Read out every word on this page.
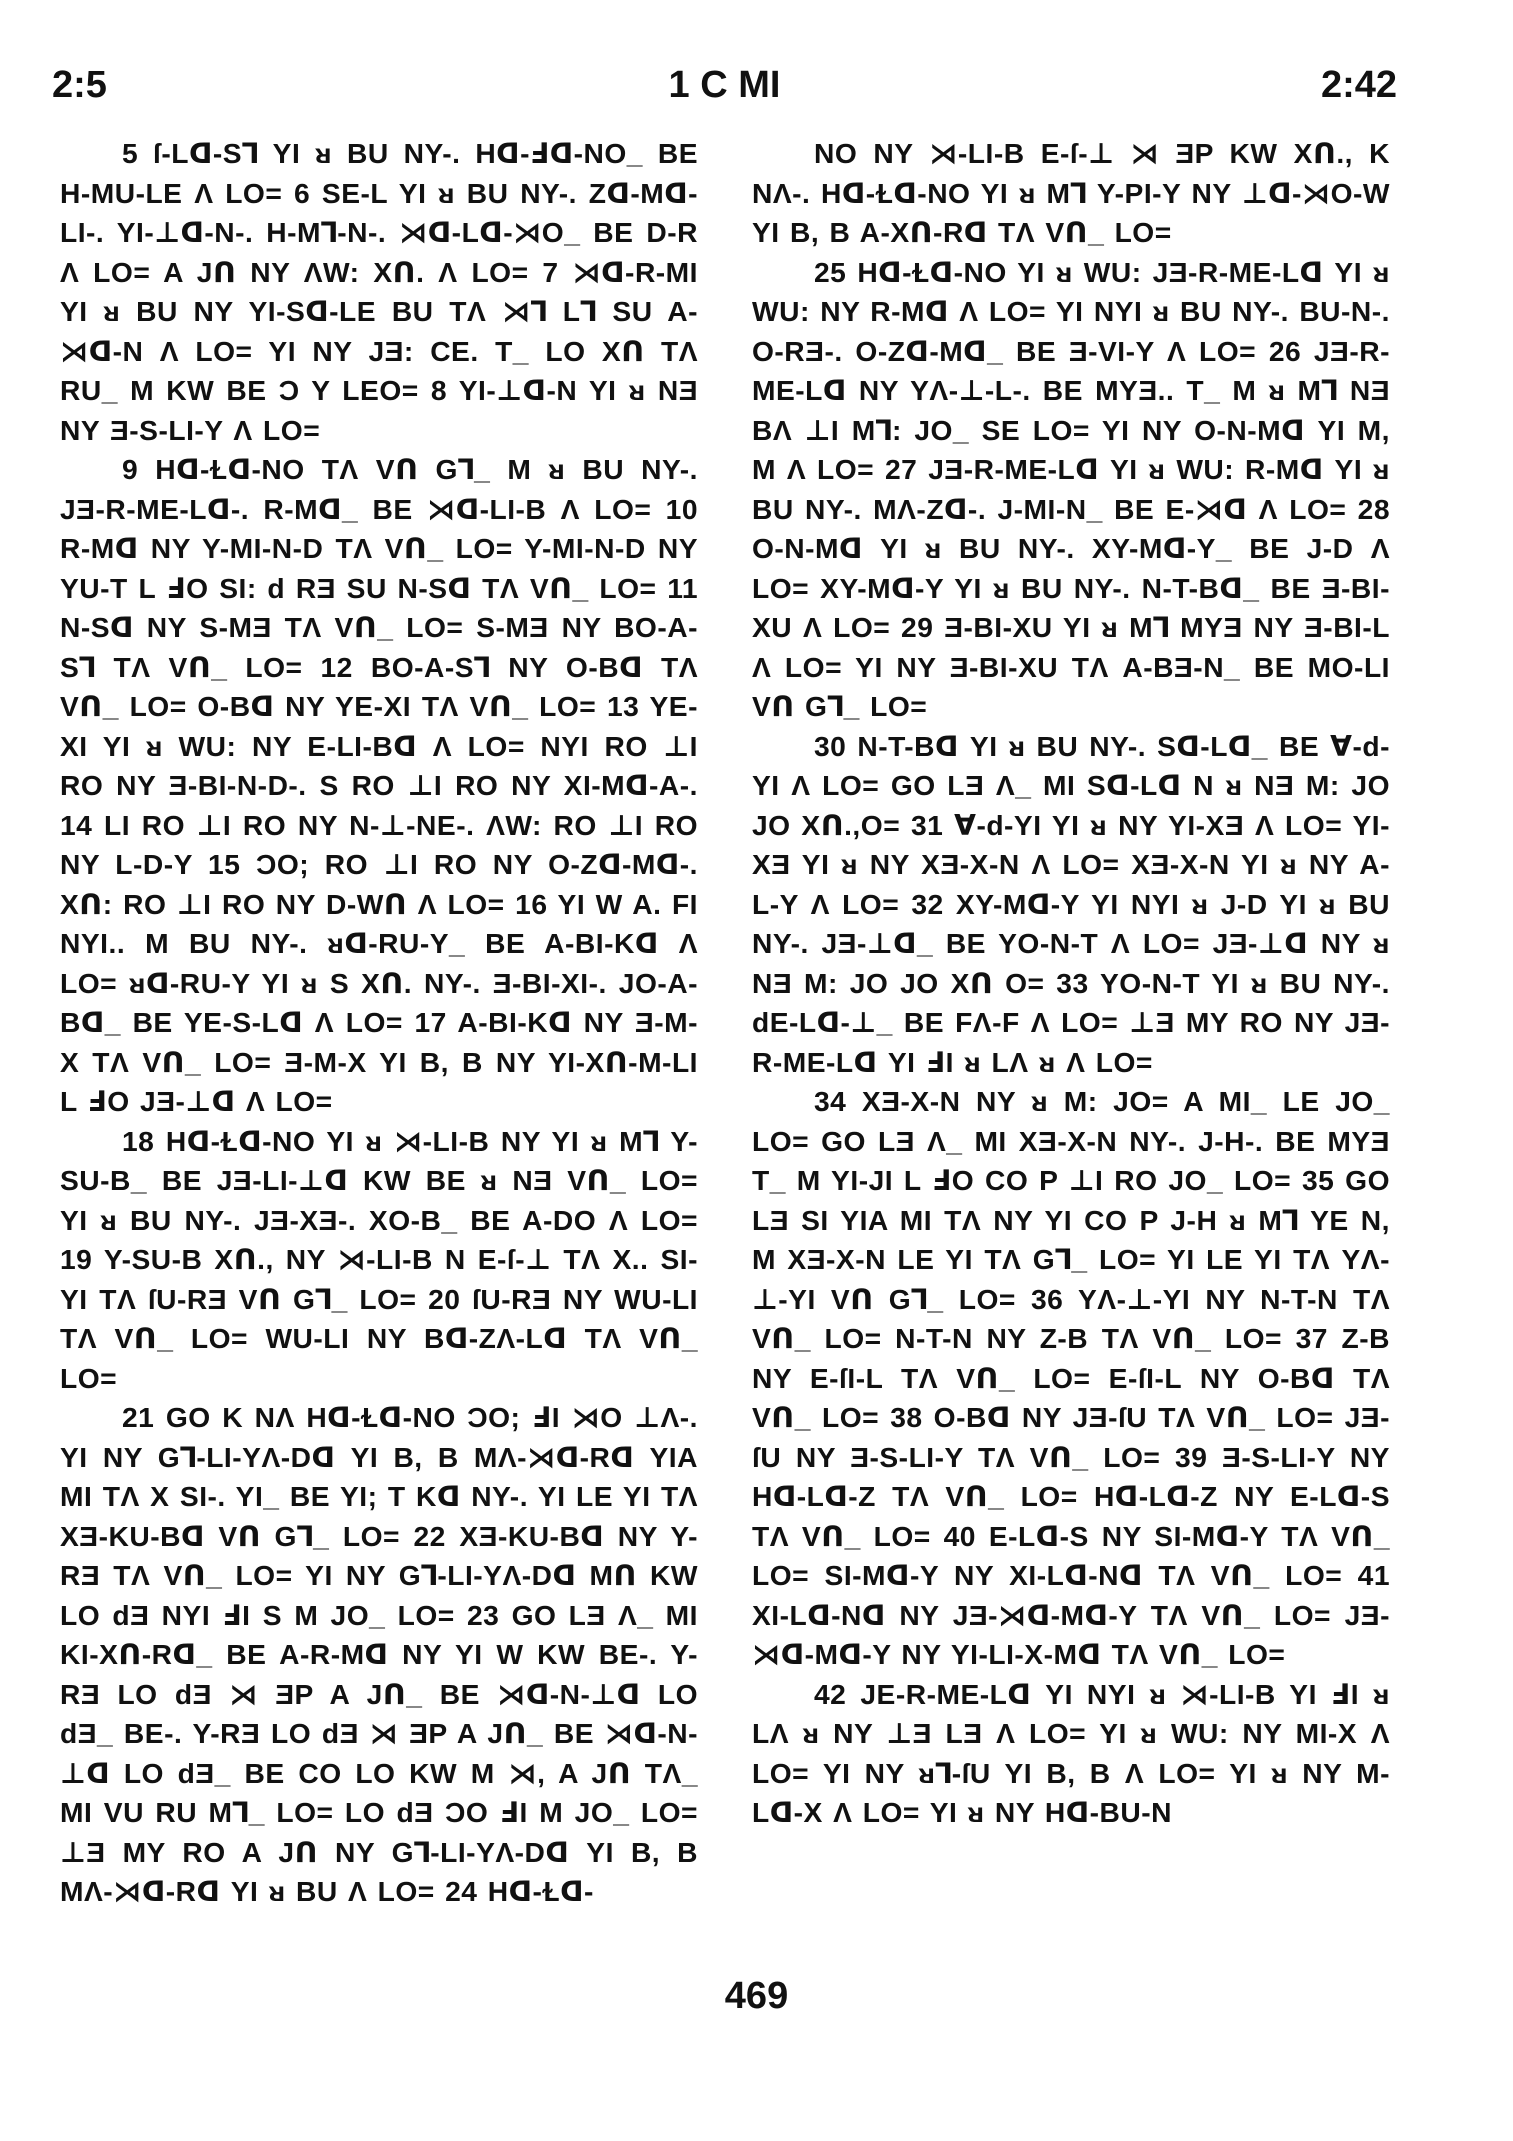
2:5	1 C MI	2:42

5 ſ-Lᗡ-S⅂ YI ᴚ BU NY-. Hᗡ-Ⅎᗡ-NO_ BE H-MU-LE Λ LO= 6 SE-L YI ᴚ BU NY-. Zᗡ-Mᗡ-LI-. YI-⊥ᗡ-N-. H-M⅂-N-. ⋊ᗡ-Lᗡ-⋊O_ BE D-R Λ LO= A Jᑎ NY ΛW: Xᑎ. Λ LO= 7 ⋊ᗡ-R-MI YI ᴚ BU NY YI-Sᗡ-LE BU TΛ ⋊⅂ L⅂ SU A-⋊ᗡ-N Λ LO= YI NY JƎ: CE. T_ LO Xᑎ TΛ RU_ M KW BE Ɔ Y LEO= 8 YI-⊥ᗡ-N YI ᴚ NƎ NY Ǝ-S-LI-Y Λ LO=

9 Hᗡ-Ɫᗡ-NO TΛ Vᑎ G⅂_ M ᴚ BU NY-. JƎ-R-ME-Lᗡ-. R-Mᗡ_ BE ⋊ᗡ-LI-B Λ LO= 10 R-Mᗡ NY Y-MI-N-D TΛ Vᑎ_ LO= Y-MI-N-D NY YU-T L ℲO SI: d RƎ SU N-Sᗡ TΛ Vᑎ_ LO= 11 N-Sᗡ NY S-MƎ TΛ Vᑎ_ LO= S-MƎ NY BO-A-S⅂ TΛ Vᑎ_ LO= 12 BO-A-S⅂ NY O-Bᗡ TΛ Vᑎ_ LO= O-Bᗡ NY YE-XI TΛ Vᑎ_ LO= 13 YE-XI YI ᴚ WU: NY E-LI-Bᗡ Λ LO= NYI RO ⊥I RO NY Ǝ-BI-N-D-. S RO ⊥I RO NY XI-Mᗡ-A-. 14 LI RO ⊥I RO NY N-⊥-NE-. ΛW: RO ⊥I RO NY L-D-Y 15 ƆO; RO ⊥I RO NY O-Zᗡ-Mᗡ-. Xᑎ: RO ⊥I RO NY D-Wᑎ Λ LO= 16 YI W A. FI NYI.. M BU NY-. ᴚᗡ-RU-Y_ BE A-BI-Kᗡ Λ LO= ᴚᗡ-RU-Y YI ᴚ S Xᑎ. NY-. Ǝ-BI-XI-. JO-A-Bᗡ_ BE YE-S-Lᗡ Λ LO= 17 A-BI-Kᗡ NY Ǝ-M-X TΛ Vᑎ_ LO= Ǝ-M-X YI B, B NY YI-Xᑎ-M-LI L ℲO JƎ-⊥ᗡ Λ LO=

18 Hᗡ-Ɫᗡ-NO YI ᴚ ⋊-LI-B NY YI ᴚ M⅂ Y-SU-B_ BE JƎ-LI-⊥ᗡ KW BE ᴚ NƎ Vᑎ_ LO= YI ᴚ BU NY-. JƎ-XƎ-. XO-B_ BE A-DO Λ LO= 19 Y-SU-B Xᑎ., NY ⋊-LI-B N E-ſ-⊥ TΛ X.. SI- YI TΛ ſU-RƎ Vᑎ G⅂_ LO= 20 ſU-RƎ NY WU-LI TΛ Vᑎ_ LO= WU-LI NY Bᗡ-ZΛ-Lᗡ TΛ Vᑎ_ LO=

21 GO K NΛ Hᗡ-Ɫᗡ-NO ƆO; ℲI ⋊O ⊥Λ-. YI NY G⅂-LI-YΛ-Dᗡ YI B, B MΛ-⋊ᗡ-Rᗡ YIA MI TΛ X SI-. YI_ BE YI; T Kᗡ NY-. YI LE YI TΛ XƎ-KU-Bᗡ Vᑎ G⅂_ LO= 22 XƎ-KU-Bᗡ NY Y-RƎ TΛ Vᑎ_ LO= YI NY G⅂-LI-YΛ-Dᗡ Mᑎ KW LO dƎ NYI ℲI S M JO_ LO= 23 GO LƎ Λ_ MI KI-Xᑎ-Rᗡ_ BE A-R-Mᗡ NY YI W KW BE-. Y-RƎ LO dƎ ⋊ ƎP A Jᑎ_ BE ⋊ᗡ-N-⊥ᗡ LO dƎ_ BE-. Y-RƎ LO dƎ ⋊ ƎP A Jᑎ_ BE ⋊ᗡ-N-⊥ᗡ LO dƎ_ BE CO LO KW M ⋊, A Jᑎ TΛ_ MI VU RU M⅂_ LO= LO dƎ ƆO ℲI M JO_ LO= ⊥Ǝ MY RO A Jᑎ NY G⅂-LI-YΛ-Dᗡ YI B, B MΛ-⋊ᗡ-Rᗡ YI ᴚ BU Λ LO= 24 Hᗡ-Ɫᗡ-

NO NY ⋊-LI-B E-ſ-⊥ ⋊ ƎP KW Xᑎ., K NΛ-. Hᗡ-Ɫᗡ-NO YI ᴚ M⅂ Y-PI-Y NY ⊥ᗡ-⋊O-W YI B, B A-Xᑎ-Rᗡ TΛ Vᑎ_ LO=

25 Hᗡ-Ɫᗡ-NO YI ᴚ WU: JƎ-R-ME-Lᗡ YI ᴚ WU: NY R-Mᗡ Λ LO= YI NYI ᴚ BU NY-. BU-N-. O-RƎ-. O-Zᗡ-Mᗡ_ BE Ǝ-VI-Y Λ LO= 26 JƎ-R-ME-Lᗡ NY YΛ-⊥-L-. BE MYƎ.. T_ M ᴚ M⅂ NƎ BΛ ⊥I M⅂: JO_ SE LO= YI NY O-N-Mᗡ YI M, M Λ LO= 27 JƎ-R-ME-Lᗡ YI ᴚ WU: R-Mᗡ YI ᴚ BU NY-. MΛ-Zᗡ-. J-MI-N_ BE E-⋊ᗡ Λ LO= 28 O-N-Mᗡ YI ᴚ BU NY-. XY-Mᗡ-Y_ BE J-D Λ LO= XY-Mᗡ-Y YI ᴚ BU NY-. N-T-Bᗡ_ BE Ǝ-BI-XU Λ LO= 29 Ǝ-BI-XU YI ᴚ M⅂ MYƎ NY Ǝ-BI-L Λ LO= YI NY Ǝ-BI-XU TΛ A-BƎ-N_ BE MO-LI Vᑎ G⅂_ LO=

30 N-T-Bᗡ YI ᴚ BU NY-. Sᗡ-Lᗡ_ BE Ɐ-d-YI Λ LO= GO LƎ Λ_ MI Sᗡ-Lᗡ N ᴚ NƎ M: JO JO Xᑎ.,O= 31 Ɐ-d-YI YI ᴚ NY YI-XƎ Λ LO= YI-XƎ YI ᴚ NY XƎ-X-N Λ LO= XƎ-X-N YI ᴚ NY A-L-Y Λ LO= 32 XY-Mᗡ-Y YI NYI ᴚ J-D YI ᴚ BU NY-. JƎ-⊥ᗡ_ BE YO-N-T Λ LO= JƎ-⊥ᗡ NY ᴚ NƎ M: JO JO Xᑎ O= 33 YO-N-T YI ᴚ BU NY-. dE-Lᗡ-⊥_ BE FΛ-F Λ LO= ⊥Ǝ MY RO NY JƎ-R-ME-Lᗡ YI ℲI ᴚ LΛ ᴚ Λ LO=

34 XƎ-X-N NY ᴚ M: JO= A MI_ LE JO_ LO= GO LƎ Λ_ MI XƎ-X-N NY-. J-H-. BE MYƎ T_ M YI-JI L ℲO CO P ⊥I RO JO_ LO= 35 GO LƎ SI YIA MI TΛ NY YI CO P J-H ᴚ M⅂ YE N, M XƎ-X-N LE YI TΛ G⅂_ LO= YI LE YI TΛ YΛ-⊥-YI Vᑎ G⅂_ LO= 36 YΛ-⊥-YI NY N-T-N TΛ Vᑎ_ LO= N-T-N NY Z-B TΛ Vᑎ_ LO= 37 Z-B NY E-ſI-L TΛ Vᑎ_ LO= E-ſI-L NY O-Bᗡ TΛ Vᑎ_ LO= 38 O-Bᗡ NY JƎ-ſU TΛ Vᑎ_ LO= JƎ-ſU NY Ǝ-S-LI-Y TΛ Vᑎ_ LO= 39 Ǝ-S-LI-Y NY Hᗡ-Lᗡ-Z TΛ Vᑎ_ LO= Hᗡ-Lᗡ-Z NY E-Lᗡ-S TΛ Vᑎ_ LO= 40 E-Lᗡ-S NY SI-Mᗡ-Y TΛ Vᑎ_ LO= SI-Mᗡ-Y NY XI-Lᗡ-Nᗡ TΛ Vᑎ_ LO= 41 XI-Lᗡ-Nᗡ NY JƎ-⋊ᗡ-Mᗡ-Y TΛ Vᑎ_ LO= JƎ-⋊ᗡ-Mᗡ-Y NY YI-LI-X-Mᗡ TΛ Vᑎ_ LO=

42 JE-R-ME-Lᗡ YI NYI ᴚ ⋊-LI-B YI ℲI ᴚ LΛ ᴚ NY ⊥Ǝ LƎ Λ LO= YI ᴚ WU: NY MI-X Λ LO= YI NY ᴚ⅂-ſU YI B, B Λ LO= YI ᴚ NY M-Lᗡ-X Λ LO= YI ᴚ NY Hᗡ-BU-N

469
